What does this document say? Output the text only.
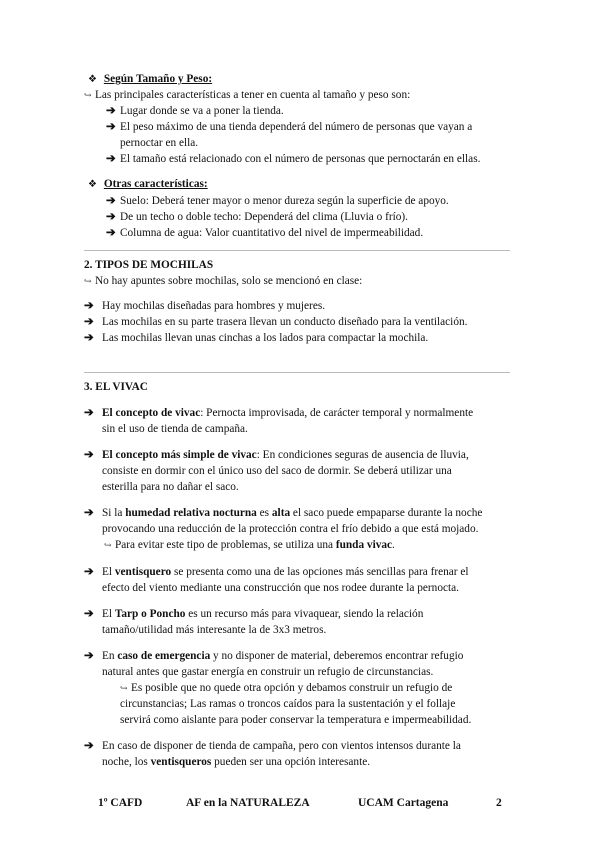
❖ Según Tamaño y Peso:
↪ Las principales características a tener en cuenta al tamaño y peso son:
➔ Lugar donde se va a poner la tienda.
➔ El peso máximo de una tienda dependerá del número de personas que vayan a
pernoctar en ella.
➔ El tamaño está relacionado con el número de personas que pernoctarán en ellas.
❖ Otras características:
➔ Suelo: Deberá tener mayor o menor dureza según la superficie de apoyo.
➔ De un techo o doble techo: Dependerá del clima (Lluvia o frío).
➔ Columna de agua: Valor cuantitativo del nivel de impermeabilidad.
2. TIPOS DE MOCHILAS
↪ No hay apuntes sobre mochilas, solo se mencionó en clase:
➔ Hay mochilas diseñadas para hombres y mujeres.
➔ Las mochilas en su parte trasera llevan un conducto diseñado para la ventilación.
➔ Las mochilas llevan unas cinchas a los lados para compactar la mochila.
3. EL VIVAC
➔ El concepto de vivac: Pernocta improvisada, de carácter temporal y normalmente
sin el uso de tienda de campaña.
➔ El concepto más simple de vivac: En condiciones seguras de ausencia de lluvia,
consiste en dormir con el único uso del saco de dormir. Se deberá utilizar una
esterilla para no dañar el saco.
➔ Si la humedad relativa nocturna es alta el saco puede empaparse durante la noche
provocando una reducción de la protección contra el frío debido a que está mojado.
↪ Para evitar este tipo de problemas, se utiliza una funda vivac.
➔ El ventisquero se presenta como una de las opciones más sencillas para frenar el
efecto del viento mediante una construcción que nos rodee durante la pernocta.
➔ El Tarp o Poncho es un recurso más para vivaquear, siendo la relación
tamaño/utilidad más interesante la de 3x3 metros.
➔ En caso de emergencia y no disponer de material, deberemos encontrar refugio
natural antes que gastar energía en construir un refugio de circunstancias.
↪ Es posible que no quede otra opción y debamos construir un refugio de
circunstancias; Las ramas o troncos caídos para la sustentación y el follaje
servirá como aislante para poder conservar la temperatura e impermeabilidad.
➔ En caso de disponer de tienda de campaña, pero con vientos intensos durante la
noche, los ventisqueros pueden ser una opción interesante.
1º CAFD	AF en la NATURALEZA	UCAM Cartagena	2
